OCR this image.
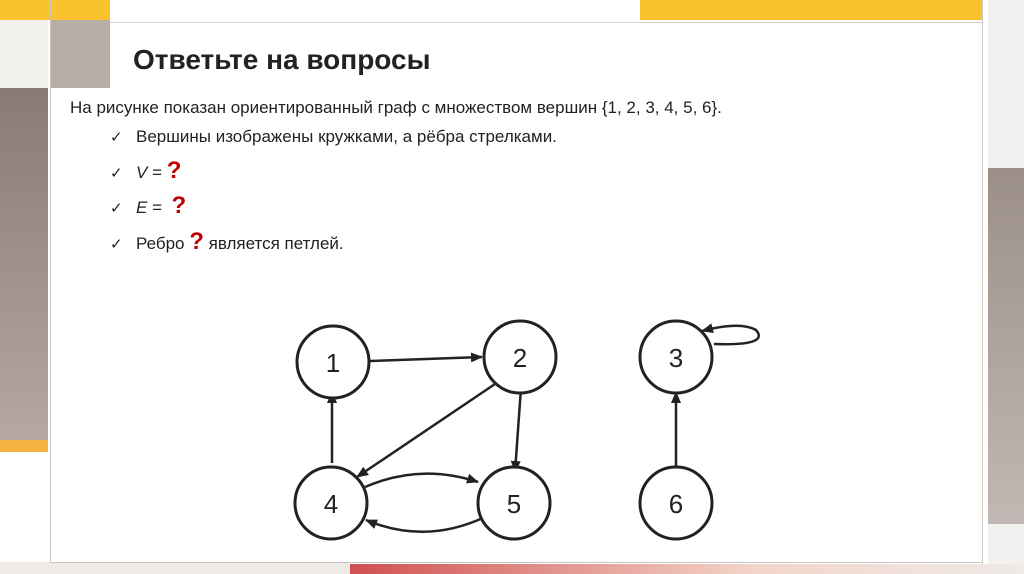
Ответьте на вопросы
На рисунке показан ориентированный граф с множеством вершин {1, 2, 3, 4, 5, 6}.
✓ Вершины изображены кружками, а рёбра стрелками.
✓ V = ?
✓ E =  ?
✓ Ребро ? является петлей.
1	2	3
4	5	6
